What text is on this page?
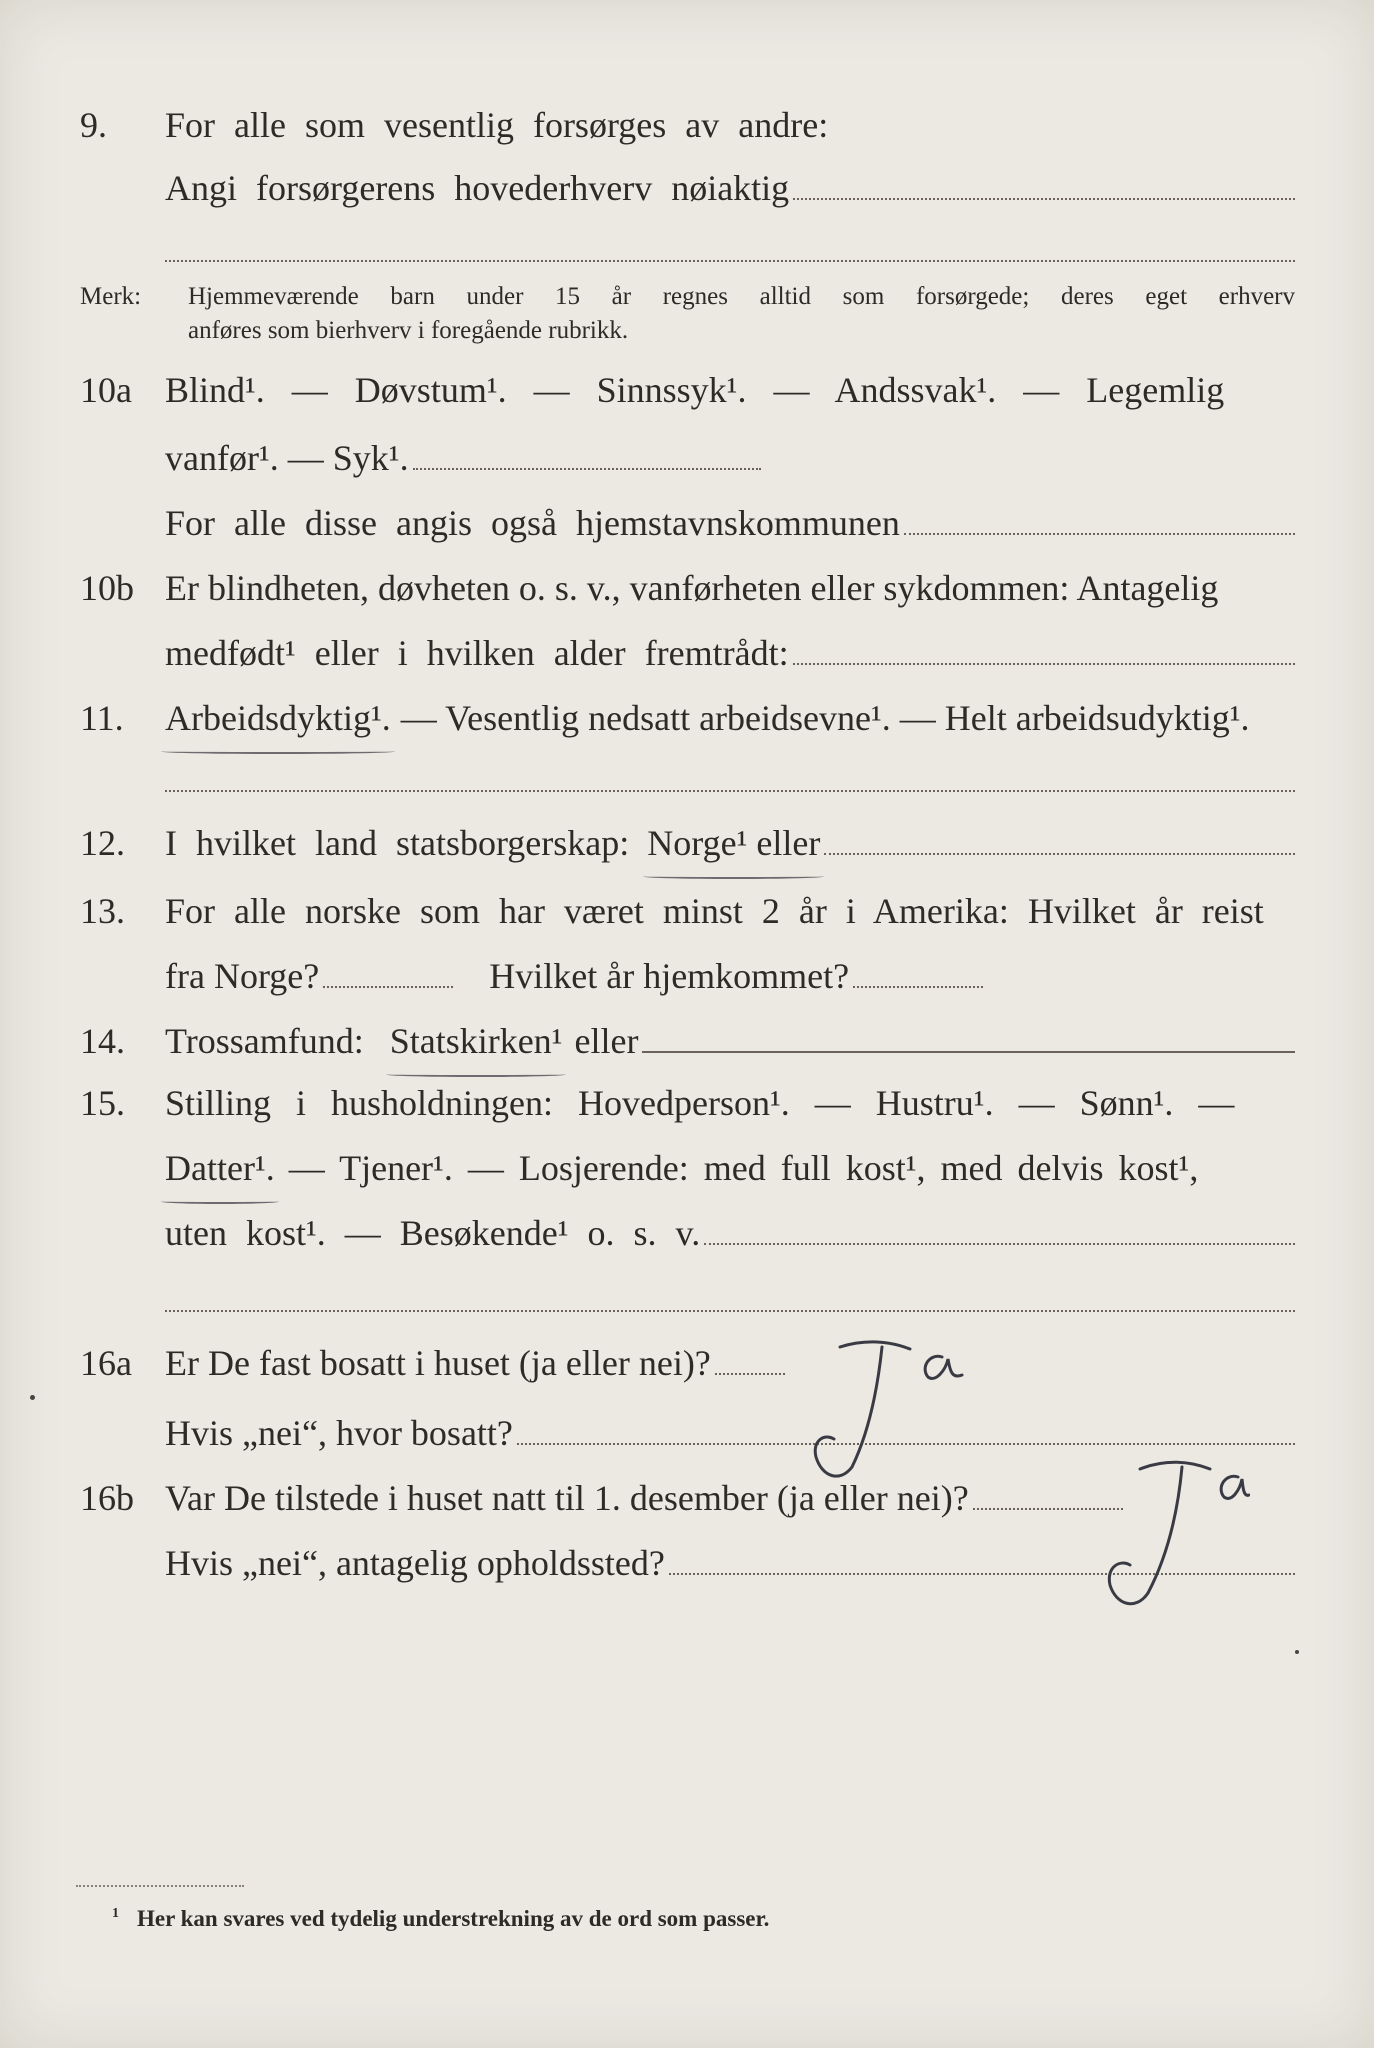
9.	For alle som vesentlig forsørges av andre:
Angi forsørgerens hovederhverv nøiaktig
Merk: Hjemmeværende barn under 15 år regnes alltid som forsørgede; deres eget erhverv
anføres som bierhverv i foregående rubrikk.
10a Blind¹. — Døvstum¹. — Sinnssyk¹. — Andssvak¹. — Legemlig
vanfør¹. — Syk¹.
For alle disse angis også hjemstavnskommunen
10b Er blindheten, døvheten o. s. v., vanførheten eller sykdommen: Antagelig
medfødt¹ eller i hvilken alder fremtrådt:
11.	Arbeidsdyktig¹. — Vesentlig nedsatt arbeidsevne¹. — Helt arbeidsudyktig¹.
12.	I hvilket land statsborgerskap: Norge¹ eller
13.	For alle norske som har været minst 2 år i Amerika: Hvilket år reist
fra Norge?	Hvilket år hjemkommet?
14.	Trossamfund: Statskirken¹ eller
15.	Stilling i husholdningen: Hovedperson¹. — Hustru¹. — Sønn¹. —
Datter¹. — Tjener¹. — Losjerende: med full kost¹, med delvis kost¹,
uten kost¹. — Besøkende¹ o. s. v.
16a Er De fast bosatt i huset (ja eller nei)?
Hvis „nei“, hvor bosatt?
16b Var De tilstede i huset natt til 1. desember (ja eller nei)?
Hvis „nei“, antagelig opholdssted?
$^1$ Her kan svares ved tydelig understrekning av de ord som passer.
